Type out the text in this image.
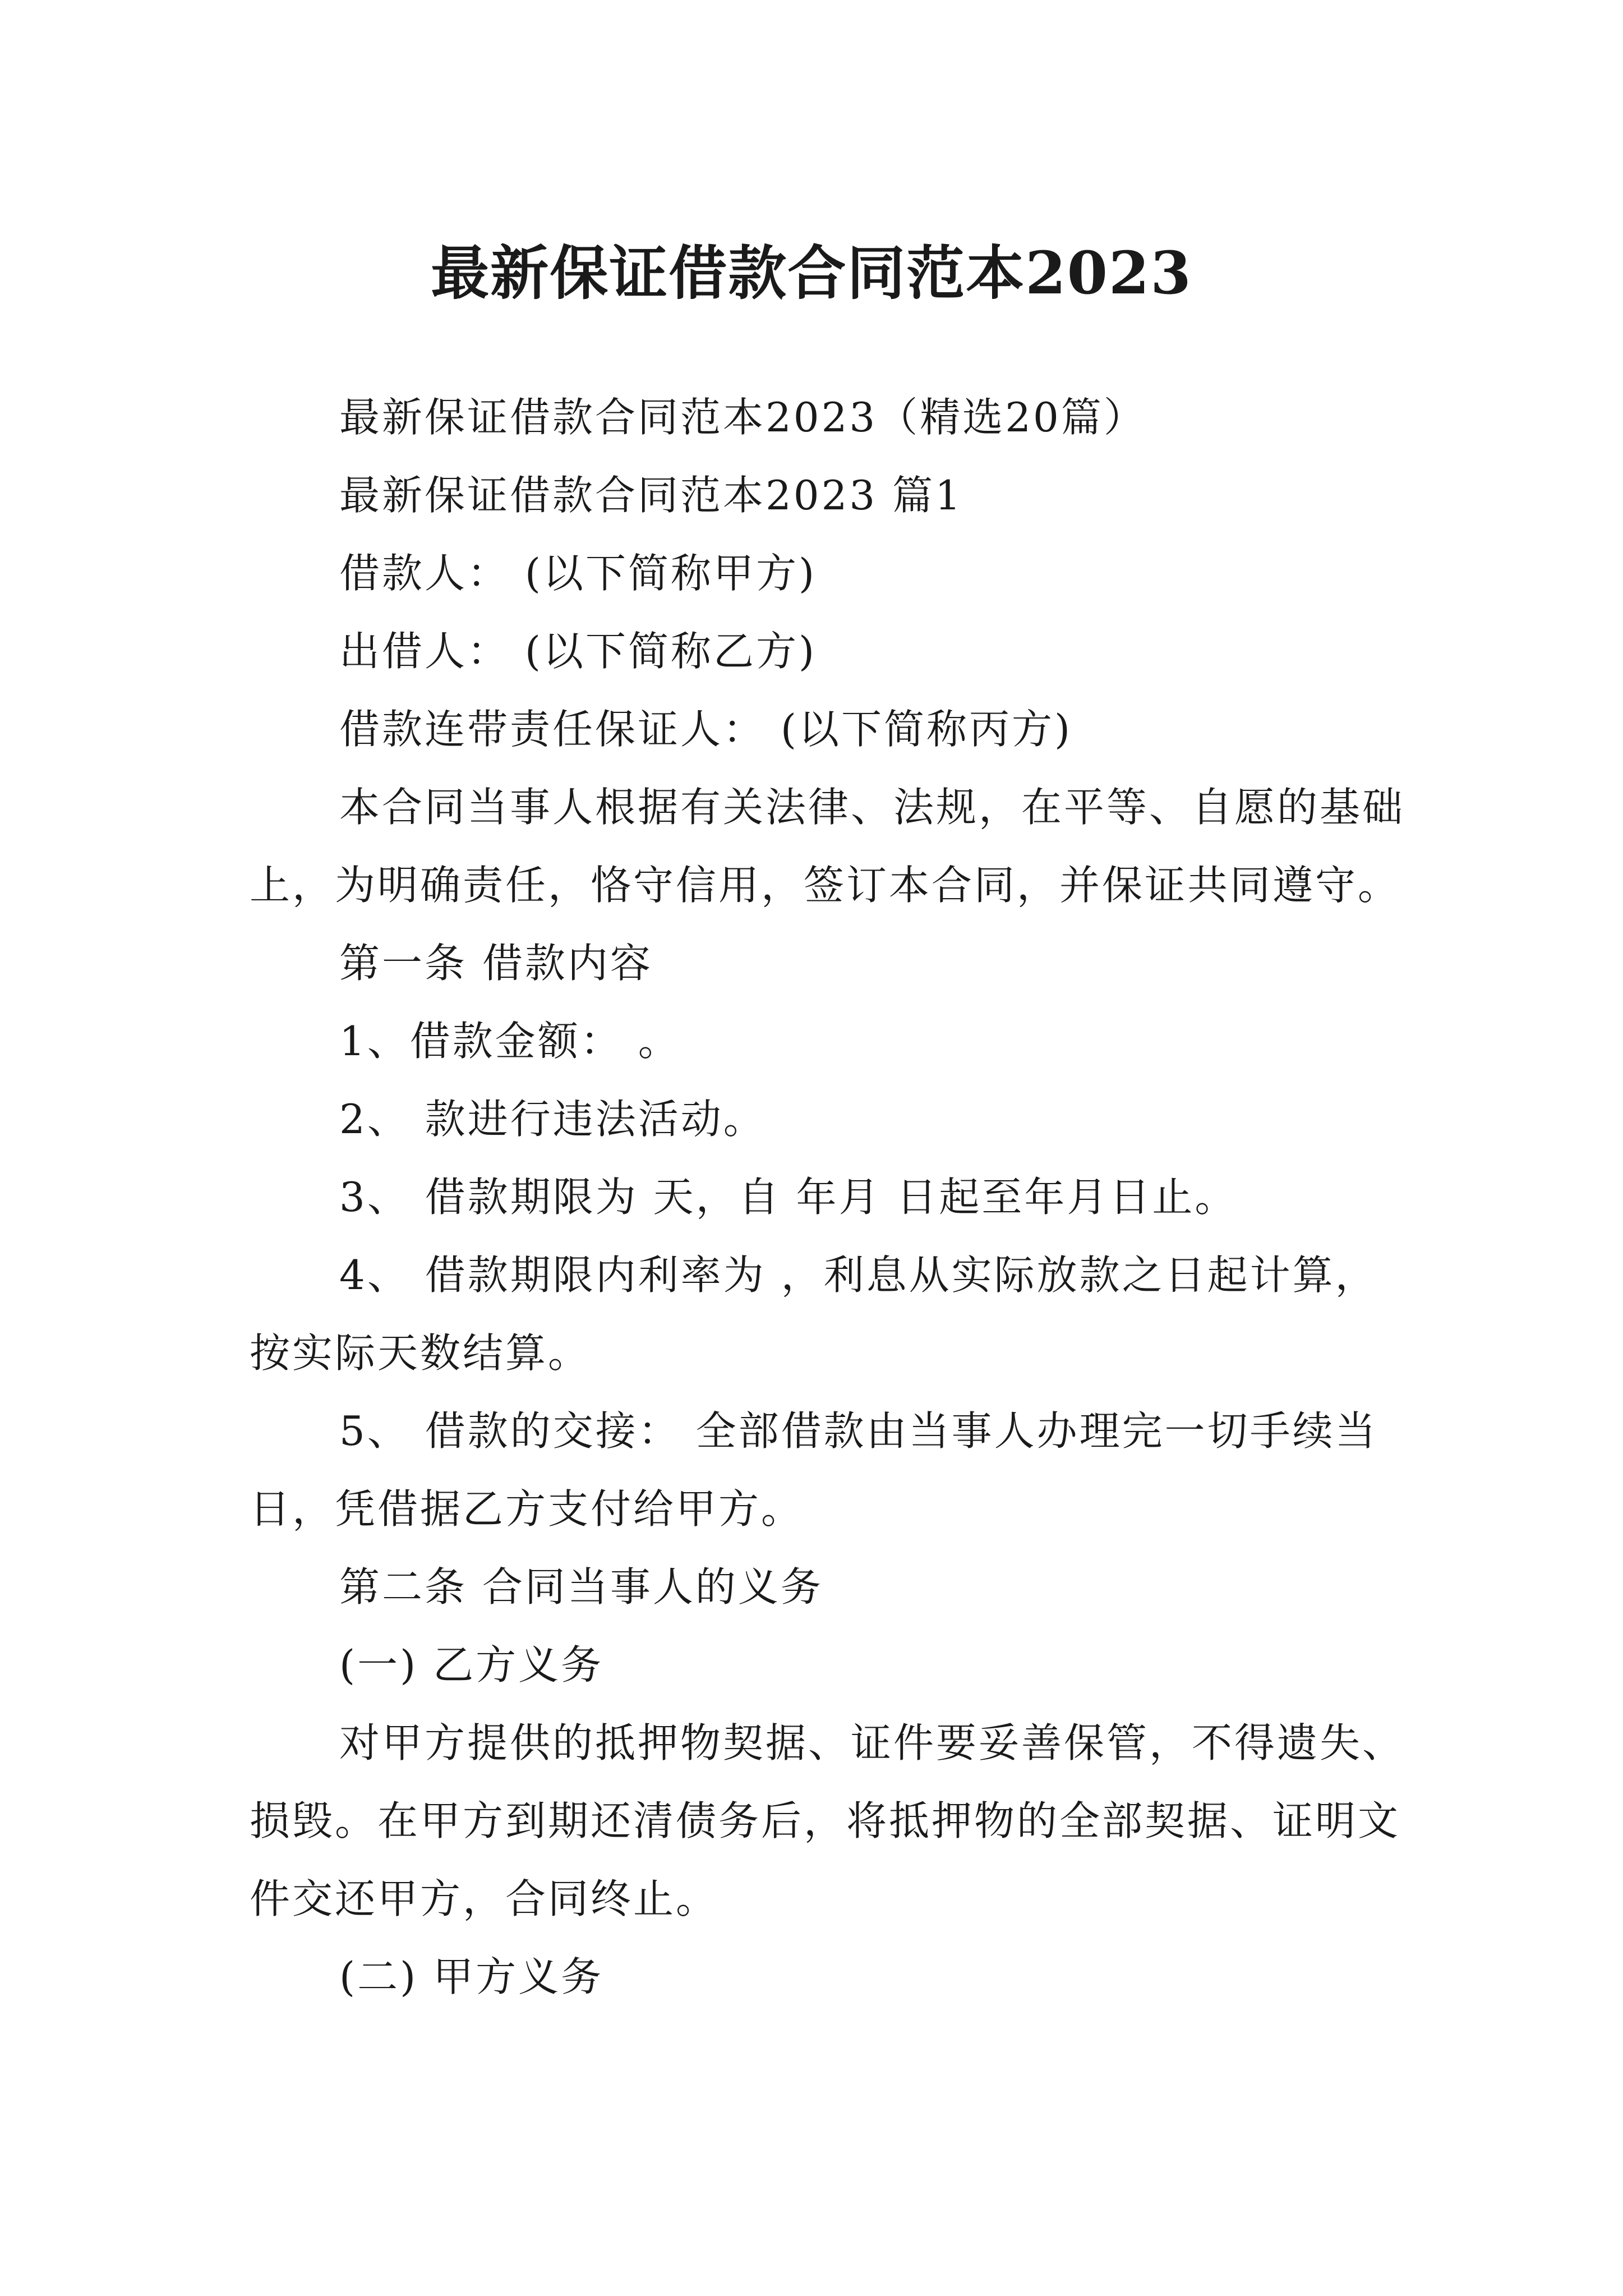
最新保证借款合同范本2023

最新保证借款合同范本2023（精选20篇）

最新保证借款合同范本2023 篇1

借款人： (以下简称甲方)

出借人： (以下简称乙方)

借款连带责任保证人： (以下简称丙方)

本合同当事人根据有关法律、法规，在平等、自愿的基础上，为明确责任，恪守信用，签订本合同，并保证共同遵守。

第一条 借款内容

1、借款金额： 。

2、 款进行违法活动。

3、 借款期限为 天，自 年月 日起至年月日止。

4、 借款期限内利率为 ，利息从实际放款之日起计算，按实际天数结算。

5、 借款的交接： 全部借款由当事人办理完一切手续当日，凭借据乙方支付给甲方。

第二条 合同当事人的义务

(一) 乙方义务

对甲方提供的抵押物契据、证件要妥善保管，不得遗失、损毁。在甲方到期还清债务后，将抵押物的全部契据、证明文件交还甲方，合同终止。

(二) 甲方义务
